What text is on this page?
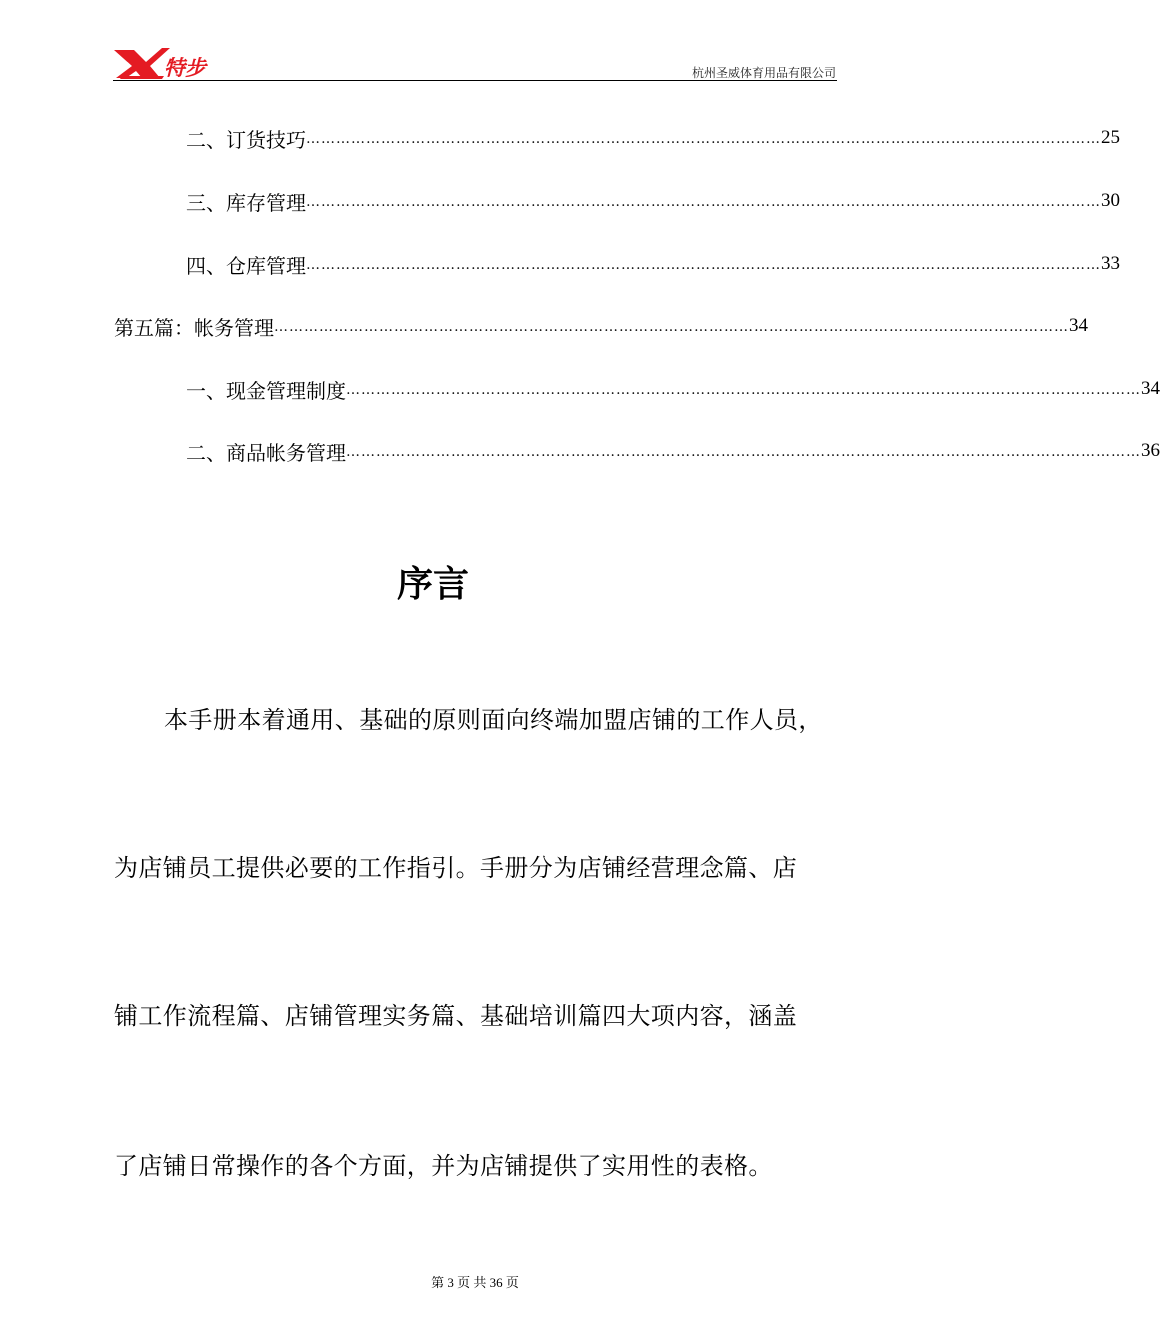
特步	杭州圣威体育用品有限公司
二、 订货技巧 …………………………………………………………………………………………………………………………………………… 25
三、 库存管理 …………………………………………………………………………………………………………………………………………… 30
四、 仓库管理 …………………………………………………………………………………………………………………………………………… 33
第五篇：帐务管理 …………………………………………………………………………………………………………………………………………… 34
一、 现金管理制度 …………………………………………………………………………………………………………………………………………… 34
二、 商品帐务管理 …………………………………………………………………………………………………………………………………………… 36
序言
本手册本着通用、基础的原则面向终端加盟店铺的工作人员，
为店铺员工提供必要的工作指引。手册分为店铺经营理念篇、店
铺工作流程篇、店铺管理实务篇、基础培训篇四大项内容，涵盖
了店铺日常操作的各个方面，并为店铺提供了实用性的表格。
第 3 页 共 36 页
